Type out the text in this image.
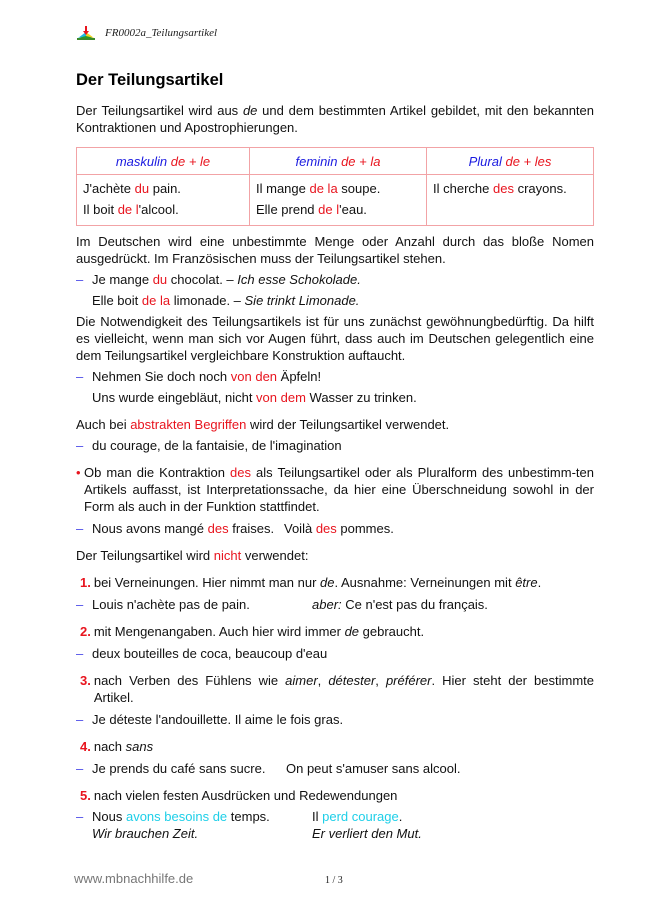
FR0002a_Teilungsartikel
Der Teilungsartikel

Der Teilungsartikel wird aus de und dem bestimmten Artikel gebildet, mit den bekannten Kontraktionen und Apostrophierungen.

maskulin de + le	feminin de + la	Plural de + les

J'achète du pain.
Il boit de l'alcool.

Il mange de la soupe.
Elle prend de l'eau.

Il cherche des crayons.

Im Deutschen wird eine unbestimmte Menge oder Anzahl durch das bloße Nomen ausgedrückt. Im Französischen muss der Teilungsartikel stehen.

– Je mange du chocolat. – Ich esse Schokolade.
Elle boit de la limonade. – Sie trinkt Limonade.

Die Notwendigkeit des Teilungsartikels ist für uns zunächst gewöhnungbedürftig. Da hilft es vielleicht, wenn man sich vor Augen führt, dass auch im Deutschen gelegentlich eine dem Teilungsartikel vergleichbare Konstruktion auftaucht.

– Nehmen Sie doch noch von den Äpfeln!
Uns wurde eingebläut, nicht von dem Wasser zu trinken.

Auch bei abstrakten Begriffen wird der Teilungsartikel verwendet.

– du courage, de la fantaisie, de l'imagination
• Ob man die Kontraktion des als Teilungsartikel oder als Pluralform des unbestimm-ten Artikels auffasst, ist Interpretationssache, da hier eine Überschneidung sowohl in der Form als auch in der Funktion stattfindet.
– Nous avons mangé des fraises. Voilà des pommes.

Der Teilungsartikel wird nicht verwendet:

1. bei Verneinungen. Hier nimmt man nur de. Ausnahme: Verneinungen mit être.
– Louis n'achète pas de pain.	aber: Ce n'est pas du français.
2. mit Mengenangaben. Auch hier wird immer de gebraucht.
– deux bouteilles de coca, beaucoup d'eau
3. nach Verben des Fühlens wie aimer, détester, préférer. Hier steht der bestimmte Artikel.
– Je déteste l'andouillette. Il aime le fois gras.
4. nach sans
– Je prends du café sans sucre.	On peut s'amuser sans alcool.
5. nach vielen festen Ausdrücken und Redewendungen
– Nous avons besoins de temps.	Il perd courage.
Wir brauchen Zeit.	Er verliert den Mut.
www.mbnachhilfe.de	1 / 3
